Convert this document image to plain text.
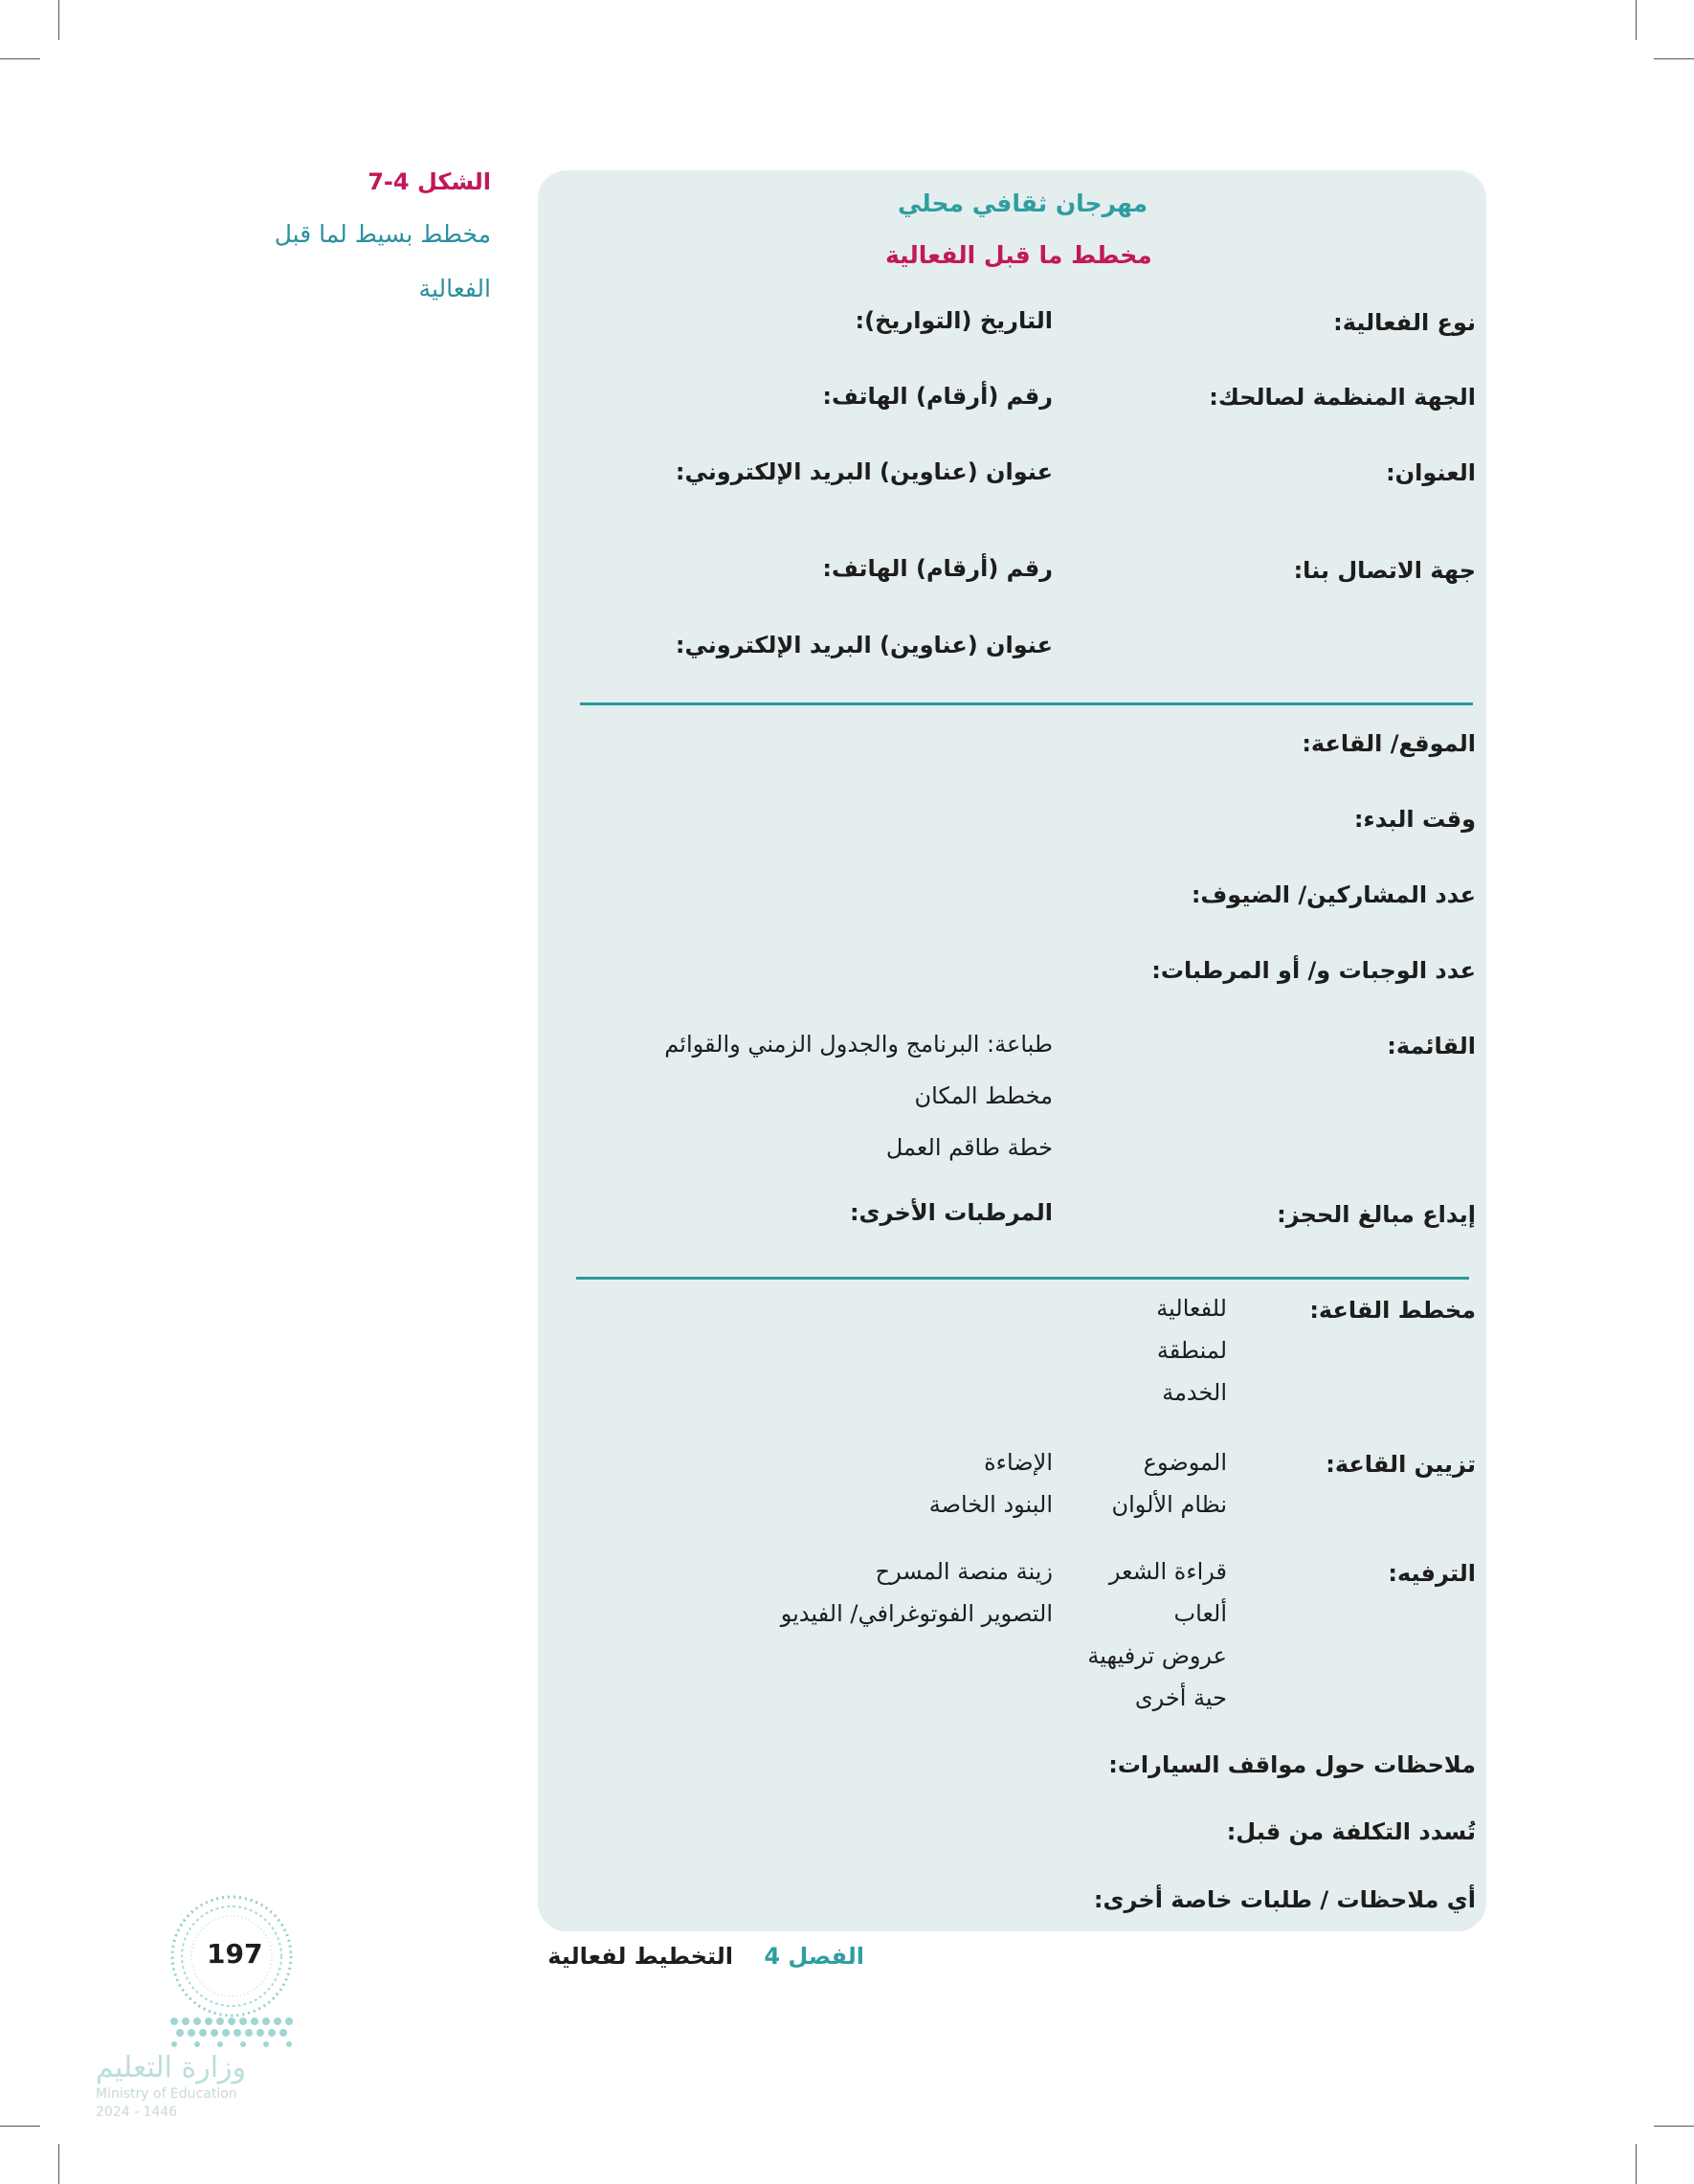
الشكل 4-7
مخطط بسيط لما قبل الفعالية
مهرجان ثقافي محلي
مخطط ما قبل الفعالية
نوع الفعالية:
التاريخ (التواريخ):
الجهة المنظمة لصالحك:
رقم (أرقام) الهاتف:
العنوان:
عنوان (عناوين) البريد الإلكتروني:
جهة الاتصال بنا:
رقم (أرقام) الهاتف:
عنوان (عناوين) البريد الإلكتروني:
الموقع/ القاعة:
وقت البدء:
عدد المشاركين/ الضيوف:
عدد الوجبات و/ أو المرطبات:
القائمة:
طباعة: البرنامج والجدول الزمني والقوائم
مخطط المكان
خطة طاقم العمل
إيداع مبالغ الحجز:
المرطبات الأخرى:
مخطط القاعة:
للفعالية
لمنطقة
الخدمة
تزيين القاعة:
الموضوع
نظام الألوان
الإضاءة
البنود الخاصة
الترفيه:
قراءة الشعر
ألعاب
عروض ترفيهية
حية أخرى
زينة منصة المسرح
التصوير الفوتوغرافي/ الفيديو
ملاحظات حول مواقف السيارات:
تُسدد التكلفة من قبل:
أي ملاحظات / طلبات خاصة أخرى:
التخطيط لفعالية الفصل 4
197
وزارة التعليم
Ministry of Education
2024 - 1446
